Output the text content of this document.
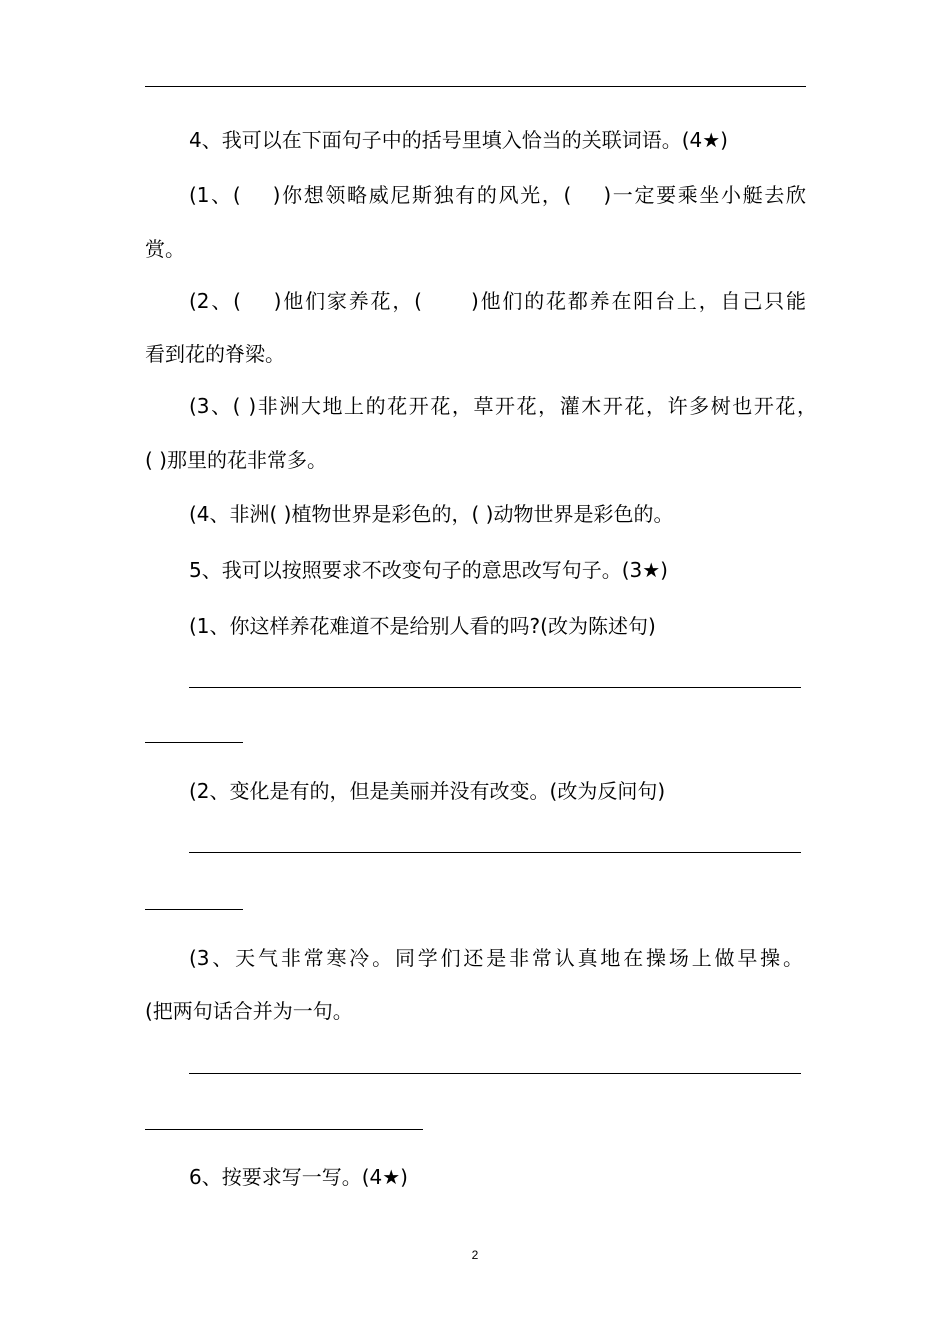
4、我可以在下面句子中的括号里填入恰当的关联词语。(4★)
(1、(    )你想领略威尼斯独有的风光，(    )一定要乘坐小艇去欣
赏。
(2、(    )他们家养花，(      )他们的花都养在阳台上，自己只能
看到花的脊梁。
(3、( )非洲大地上的花开花，草开花，灌木开花，许多树也开花，
( )那里的花非常多。
(4、非洲( )植物世界是彩色的，( )动物世界是彩色的。
5、我可以按照要求不改变句子的意思改写句子。(3★)
(1、你这样养花难道不是给别人看的吗?(改为陈述句)
(2、变化是有的，但是美丽并没有改变。(改为反问句)
(3、天气非常寒冷。同学们还是非常认真地在操场上做早操。
(把两句话合并为一句。
6、按要求写一写。(4★)
2
